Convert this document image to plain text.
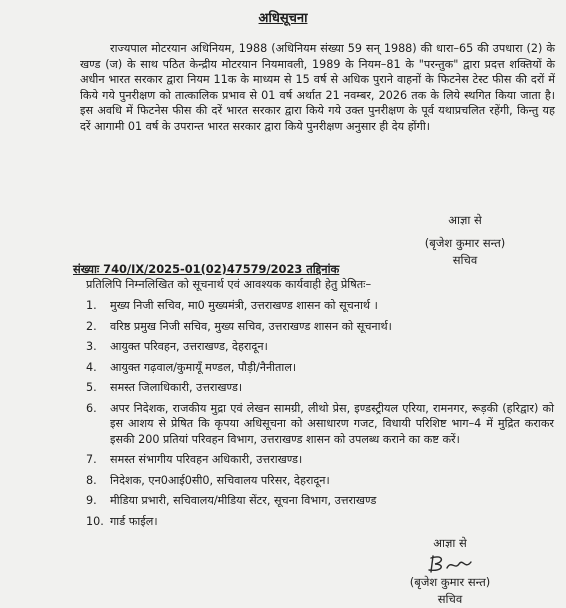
अधिसूचना
राज्यपाल मोटरयान अधिनियम, 1988 (अधिनियम संख्या 59 सन् 1988) की धारा–65 की उपधारा (2) के खण्ड (ज) के साथ पठित केन्द्रीय मोटरयान नियमावली, 1989 के नियम–81 के "परन्तुक" द्वारा प्रदत्त शक्तियों के अधीन भारत सरकार द्वारा नियम 11क के माध्यम से 15 वर्ष से अधिक पुराने वाहनों के फिटनेस टेस्ट फीस की दरों में किये गये पुनरीक्षण को तात्कालिक प्रभाव से 01 वर्ष अर्थात 21 नवम्बर, 2026 तक के लिये स्थगित किया जाता है। इस अवधि में फिटनेस फीस की दरें भारत सरकार द्वारा किये गये उक्त पुनरीक्षण के पूर्व यथाप्रचलित रहेंगी, किन्तु यह दरें आगामी 01 वर्ष के उपरान्त भारत सरकार द्वारा किये पुनरीक्षण अनुसार ही देय होंगी।
आज्ञा से
(बृजेश कुमार सन्त)
सचिव
संख्याः 740/IX/2025-01(02)47579/2023 तद्दिनांक
प्रतिलिपि निम्नलिखित को सूचनार्थ एवं आवश्यक कार्यवाही हेतु प्रेषितः–
1. मुख्य निजी सचिव, मा0 मुख्यमंत्री, उत्तराखण्ड शासन को सूचनार्थ ।
2. वरिष्ठ प्रमुख निजी सचिव, मुख्य सचिव, उत्तराखण्ड शासन को सूचनार्थ।
3. आयुक्त परिवहन, उत्तराखण्ड, देहरादून।
4. आयुक्त गढ़वाल/कुमायूँ मण्डल, पौड़ी/नैनीताल।
5. समस्त जिलाधिकारी, उत्तराखण्ड।
6. अपर निदेशक, राजकीय मुद्रा एवं लेखन सामग्री, लीथो प्रेस, इण्डस्ट्रीयल एरिया, रामनगर, रूड़की (हरिद्वार) को इस आशय से प्रेषित कि कृपया अधिसूचना को असाधारण गजट, विधायी परिशिष्ट भाग–4 में मुद्रित कराकर इसकी 200 प्रतियां परिवहन विभाग, उत्तराखण्ड शासन को उपलब्ध कराने का कष्ट करें।
7. समस्त संभागीय परिवहन अधिकारी, उत्तराखण्ड।
8. निदेशक, एन0आई0सी0, सचिवालय परिसर, देहरादून।
9. मीडिया प्रभारी, सचिवालय/मीडिया सेंटर, सूचना विभाग, उत्तराखण्ड
10. गार्ड फाईल।
आज्ञा से
(बृजेश कुमार सन्त)
सचिव
